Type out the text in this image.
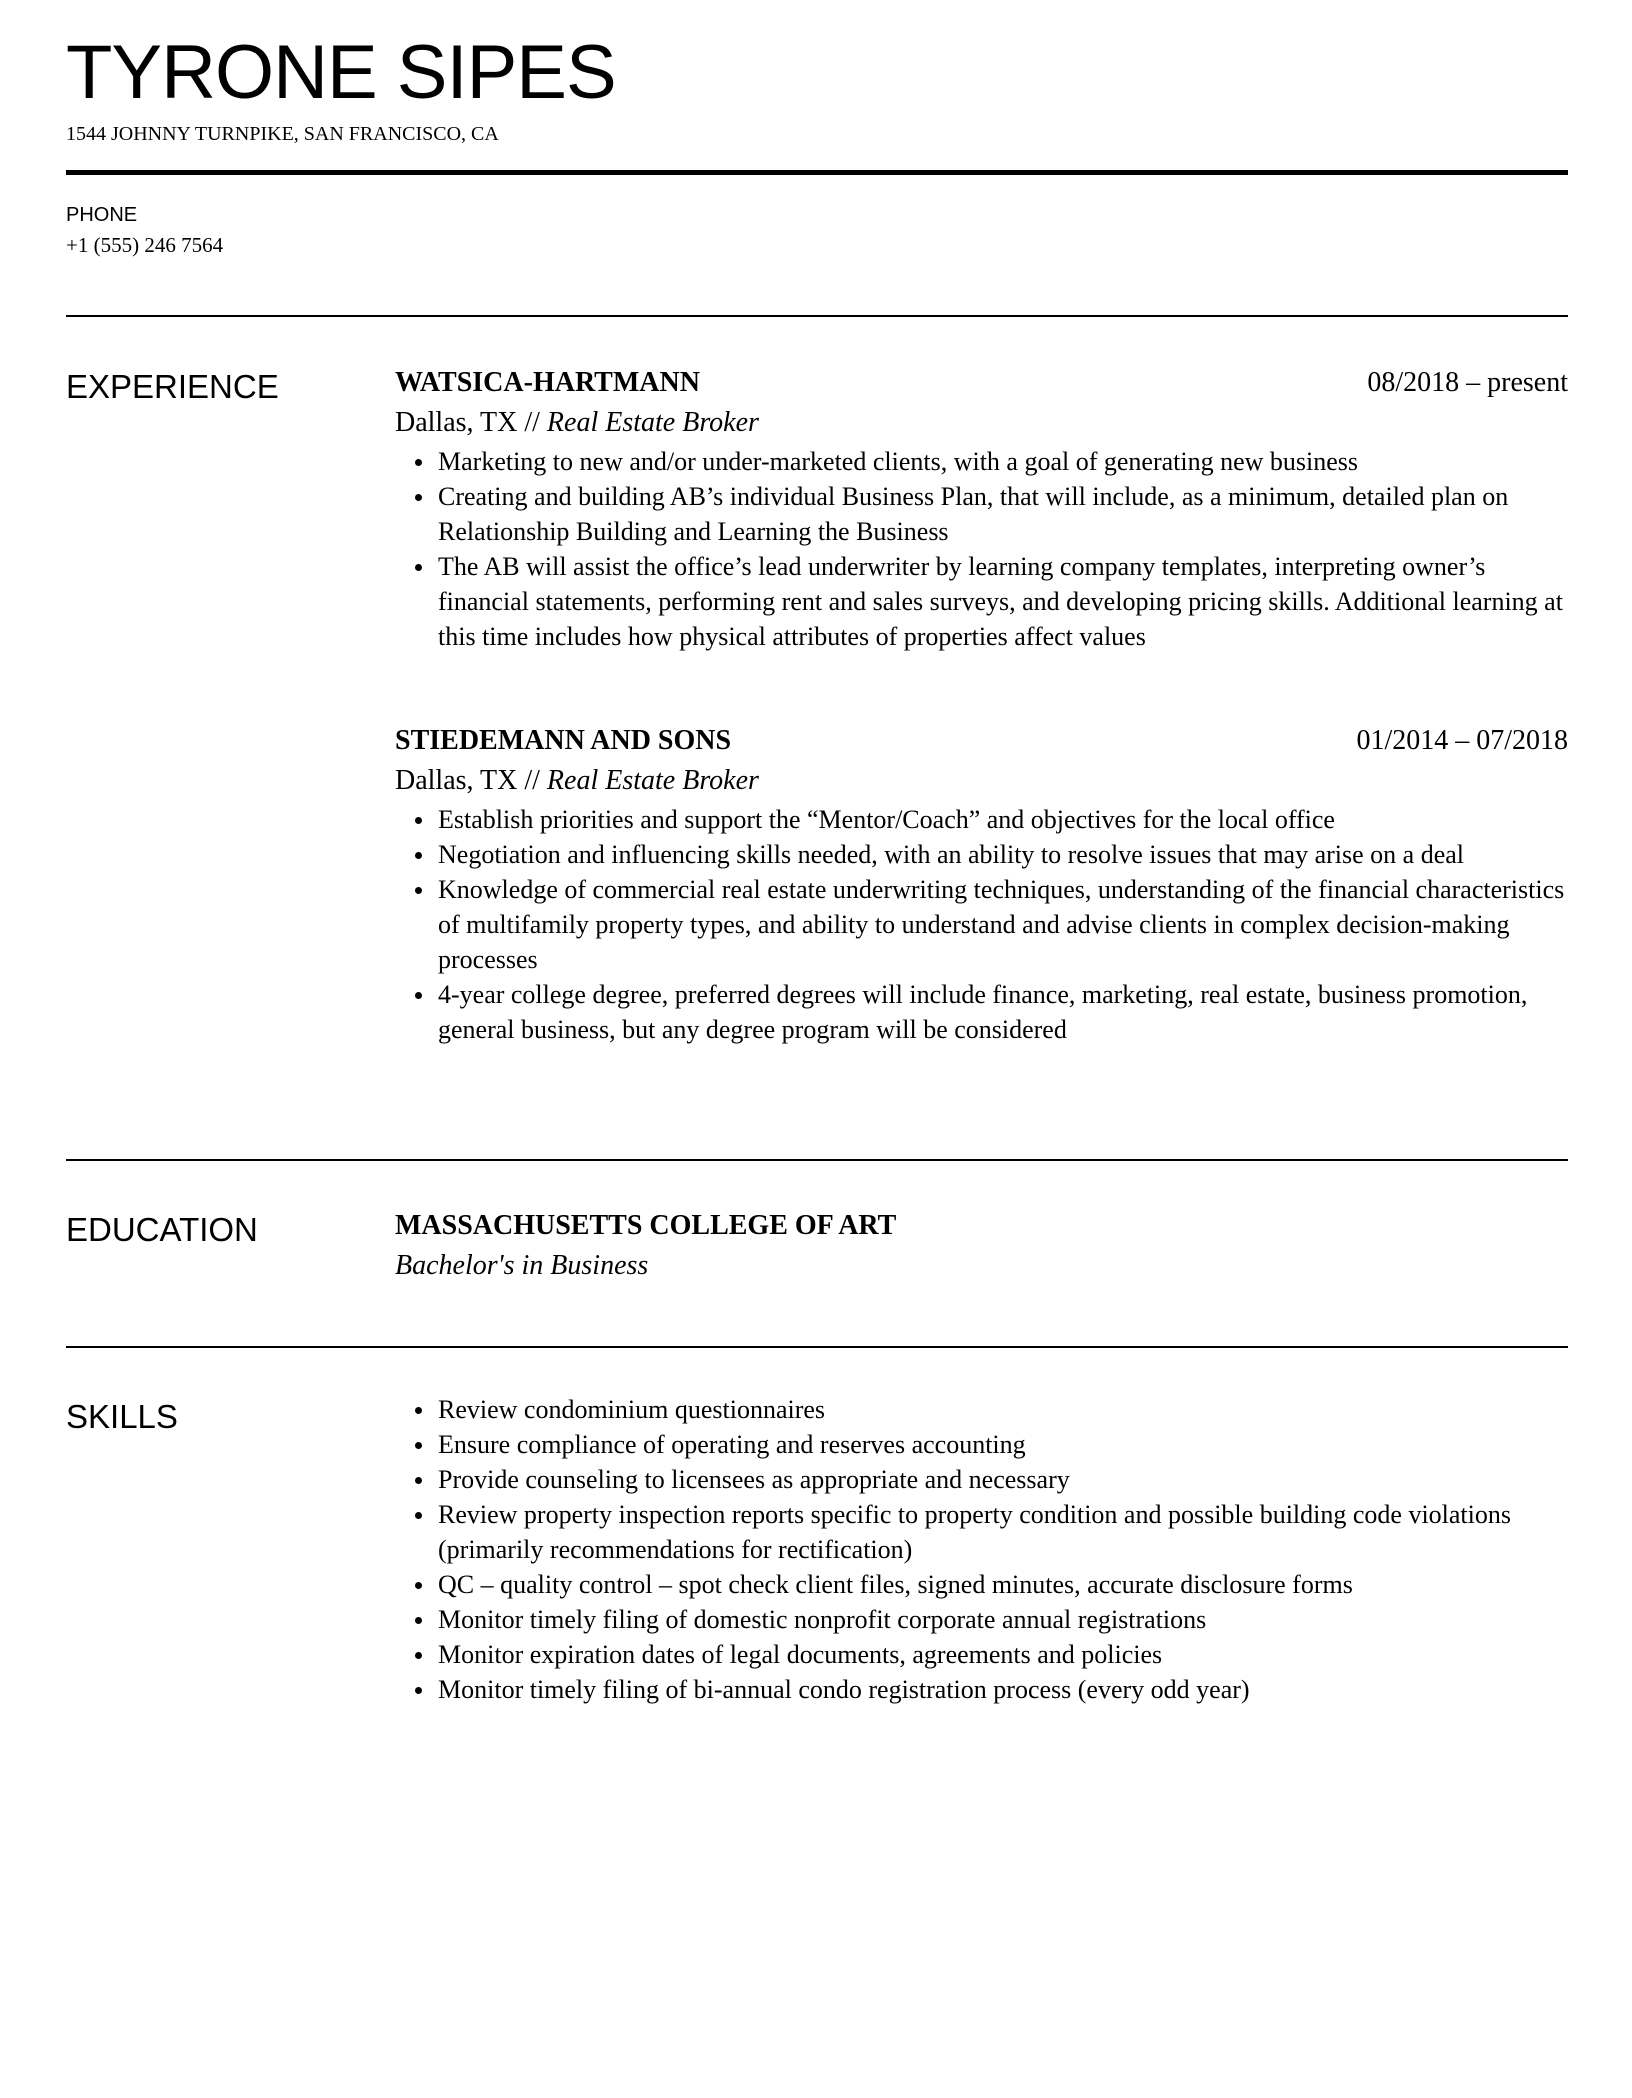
TYRONE SIPES
1544 JOHNNY TURNPIKE, SAN FRANCISCO, CA
PHONE
+1 (555) 246 7564
EXPERIENCE	WATSICA-HARTMANN	08/2018 – present
Dallas, TX // Real Estate Broker
Marketing to new and/or under-marketed clients, with a goal of generating new business
Creating and building AB’s individual Business Plan, that will include, as a minimum, detailed plan on Relationship Building and Learning the Business
The AB will assist the office’s lead underwriter by learning company templates, interpreting owner’s financial statements, performing rent and sales surveys, and developing pricing skills. Additional learning at this time includes how physical attributes of properties affect values
STIEDEMANN AND SONS	01/2014 – 07/2018
Dallas, TX // Real Estate Broker
Establish priorities and support the “Mentor/Coach” and objectives for the local office
Negotiation and influencing skills needed, with an ability to resolve issues that may arise on a deal
Knowledge of commercial real estate underwriting techniques, understanding of the financial characteristics of multifamily property types, and ability to understand and advise clients in complex decision-making processes
4-year college degree, preferred degrees will include finance, marketing, real estate, business promotion, general business, but any degree program will be considered
EDUCATION	MASSACHUSETTS COLLEGE OF ART
Bachelor's in Business
SKILLS	Review condominium questionnaires
Ensure compliance of operating and reserves accounting
Provide counseling to licensees as appropriate and necessary
Review property inspection reports specific to property condition and possible building code violations (primarily recommendations for rectification)
QC – quality control – spot check client files, signed minutes, accurate disclosure forms
Monitor timely filing of domestic nonprofit corporate annual registrations
Monitor expiration dates of legal documents, agreements and policies
Monitor timely filing of bi-annual condo registration process (every odd year)
